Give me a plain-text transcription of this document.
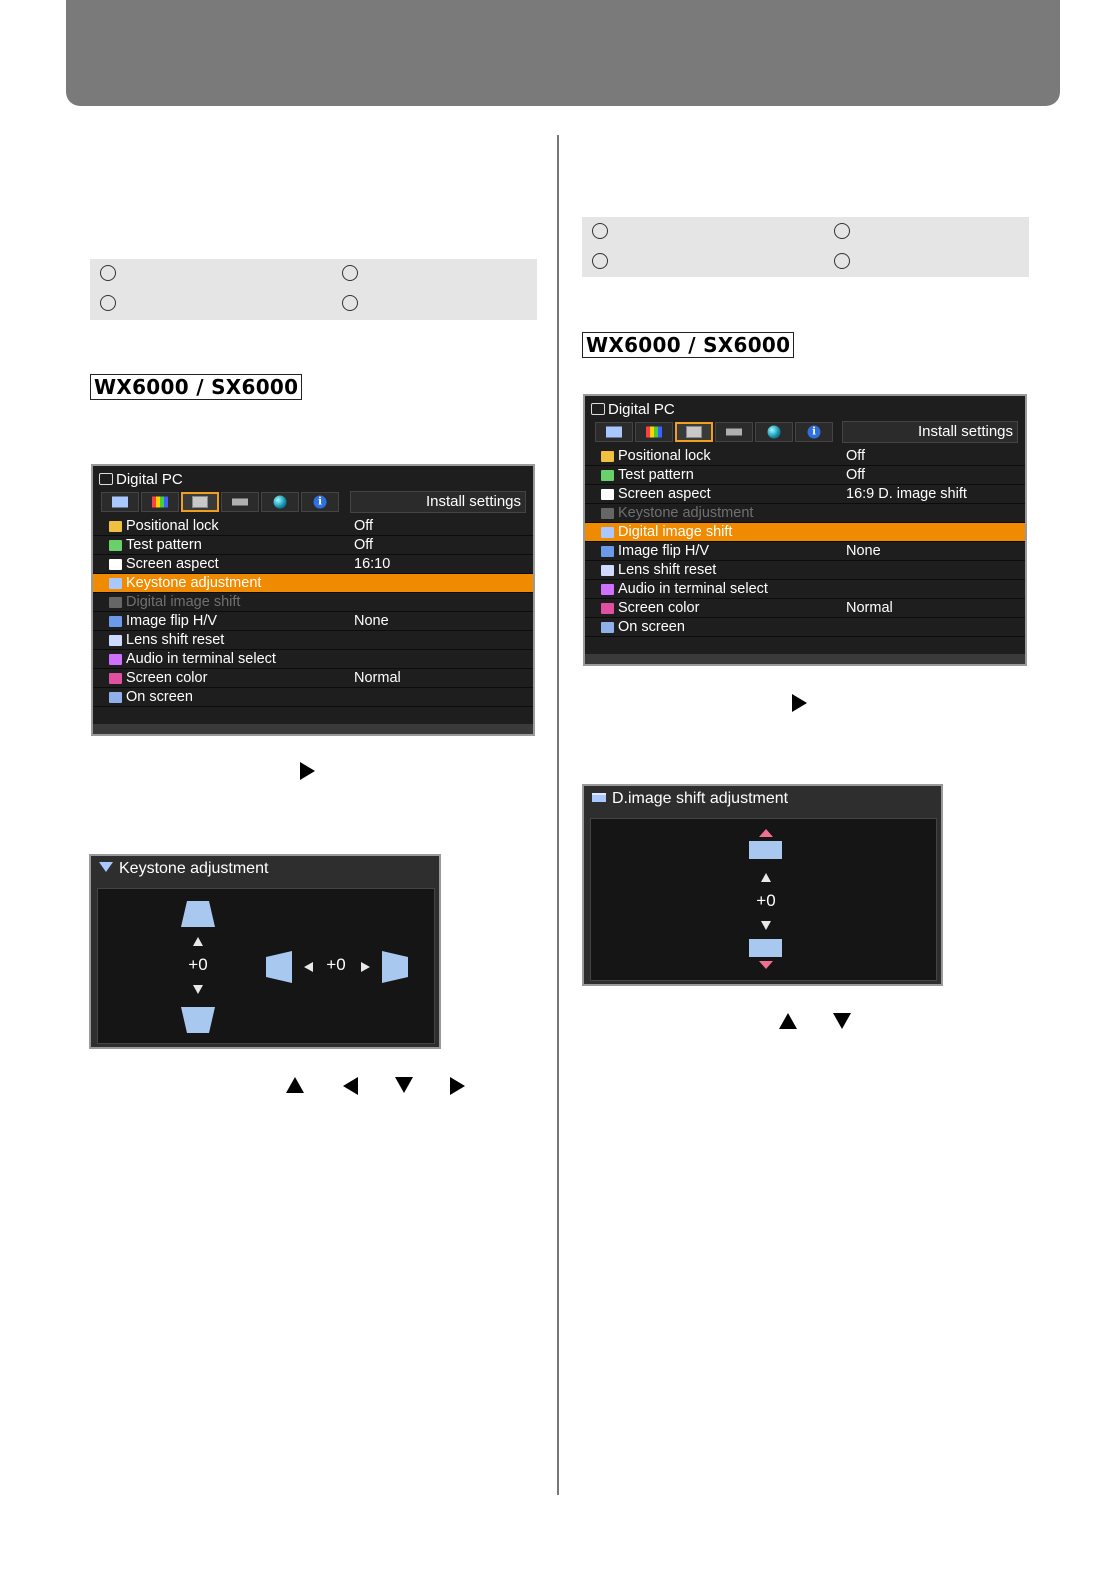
WX6000 / SX6000
Digital PC
i	Install settings
Positional lock	Off
Test pattern	Off
Screen aspect	16:10
Keystone adjustment
Digital image shift
Image flip H/V	None
Lens shift reset
Audio in terminal select
Screen color	Normal
On screen
Keystone adjustment
+0	+0
WX6000 / SX6000
Digital PC
i	Install settings
Positional lock	Off
Test pattern	Off
Screen aspect	16:9 D. image shift
Keystone adjustment
Digital image shift
Image flip H/V	None
Lens shift reset
Audio in terminal select
Screen color	Normal
On screen
D.image shift adjustment
+0
